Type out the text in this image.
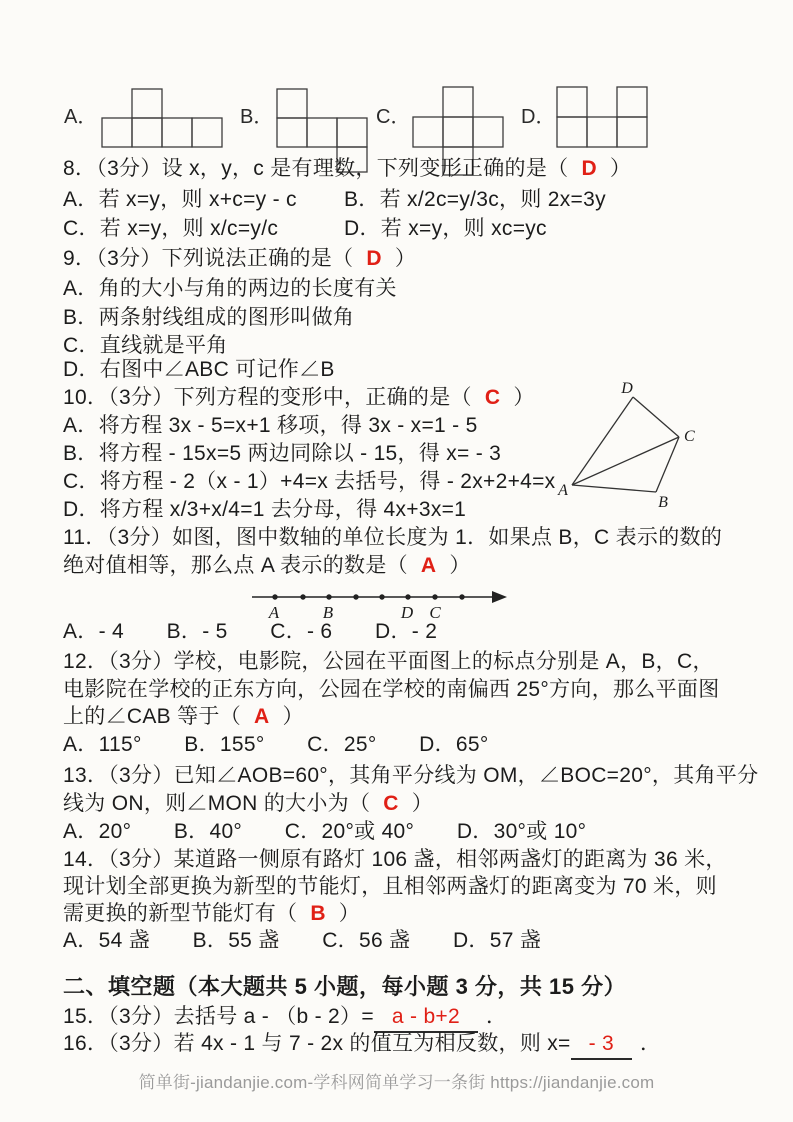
D
C
A
B
A	B	D C
A．	B．	C．	D．
8．（3分）设 x，y，c 是有理数，下列变形正确的是（ D ）
A．若 x=y，则 x+c=y - c B．若 x/2c=y/3c，则 2x=3y
C．若 x=y，则 x/c=y/c	D．若 x=y，则 xc=yc
9．（3分）下列说法正确的是（ D ）
A．角的大小与角的两边的长度有关
B．两条射线组成的图形叫做角
C．直线就是平角
D．右图中∠ABC 可记作∠B
10．（3分）下列方程的变形中，正确的是（ C ）
A．将方程 3x - 5=x+1 移项，得 3x - x=1 - 5
B．将方程 - 15x=5 两边同除以 - 15，得 x= - 3
C．将方程 - 2（x - 1）+4=x 去括号，得 - 2x+2+4=x
D．将方程 x/3+x/4=1 去分母，得 4x+3x=1
11．（3分）如图，图中数轴的单位长度为 1．如果点 B，C 表示的数的
绝对值相等，那么点 A 表示的数是（ A ）
A．- 4　　B．- 5　　C．- 6　　D．- 2
12．（3分）学校，电影院，公园在平面图上的标点分别是 A，B，C，
电影院在学校的正东方向，公园在学校的南偏西 25°方向，那么平面图
上的∠CAB 等于（ A ）
A．115°　　B．155°　　C．25°　　D．65°
13．（3分）已知∠AOB=60°，其角平分线为 OM，∠BOC=20°，其角平分
线为 ON，则∠MON 的大小为（ C ）
A．20°　　B．40°　　C．20°或 40°　　D．30°或 10°
14．（3分）某道路一侧原有路灯 106 盏，相邻两盏灯的距离为 36 米，
现计划全部更换为新型的节能灯，且相邻两盏灯的距离变为 70 米，则
需更换的新型节能灯有（ B ）
A．54 盏　　B．55 盏　　C．56 盏　　D．57 盏
二、填空题（本大题共 5 小题，每小题 3 分，共 15 分）
15．（3分）去括号 a - （b - 2）= a - b+2 ．
16．（3分）若 4x - 1 与 7 - 2x 的值互为相反数，则 x= - 3 ．
简单街-jiandanjie.com-学科网简单学习一条街 https://jiandanjie.com
